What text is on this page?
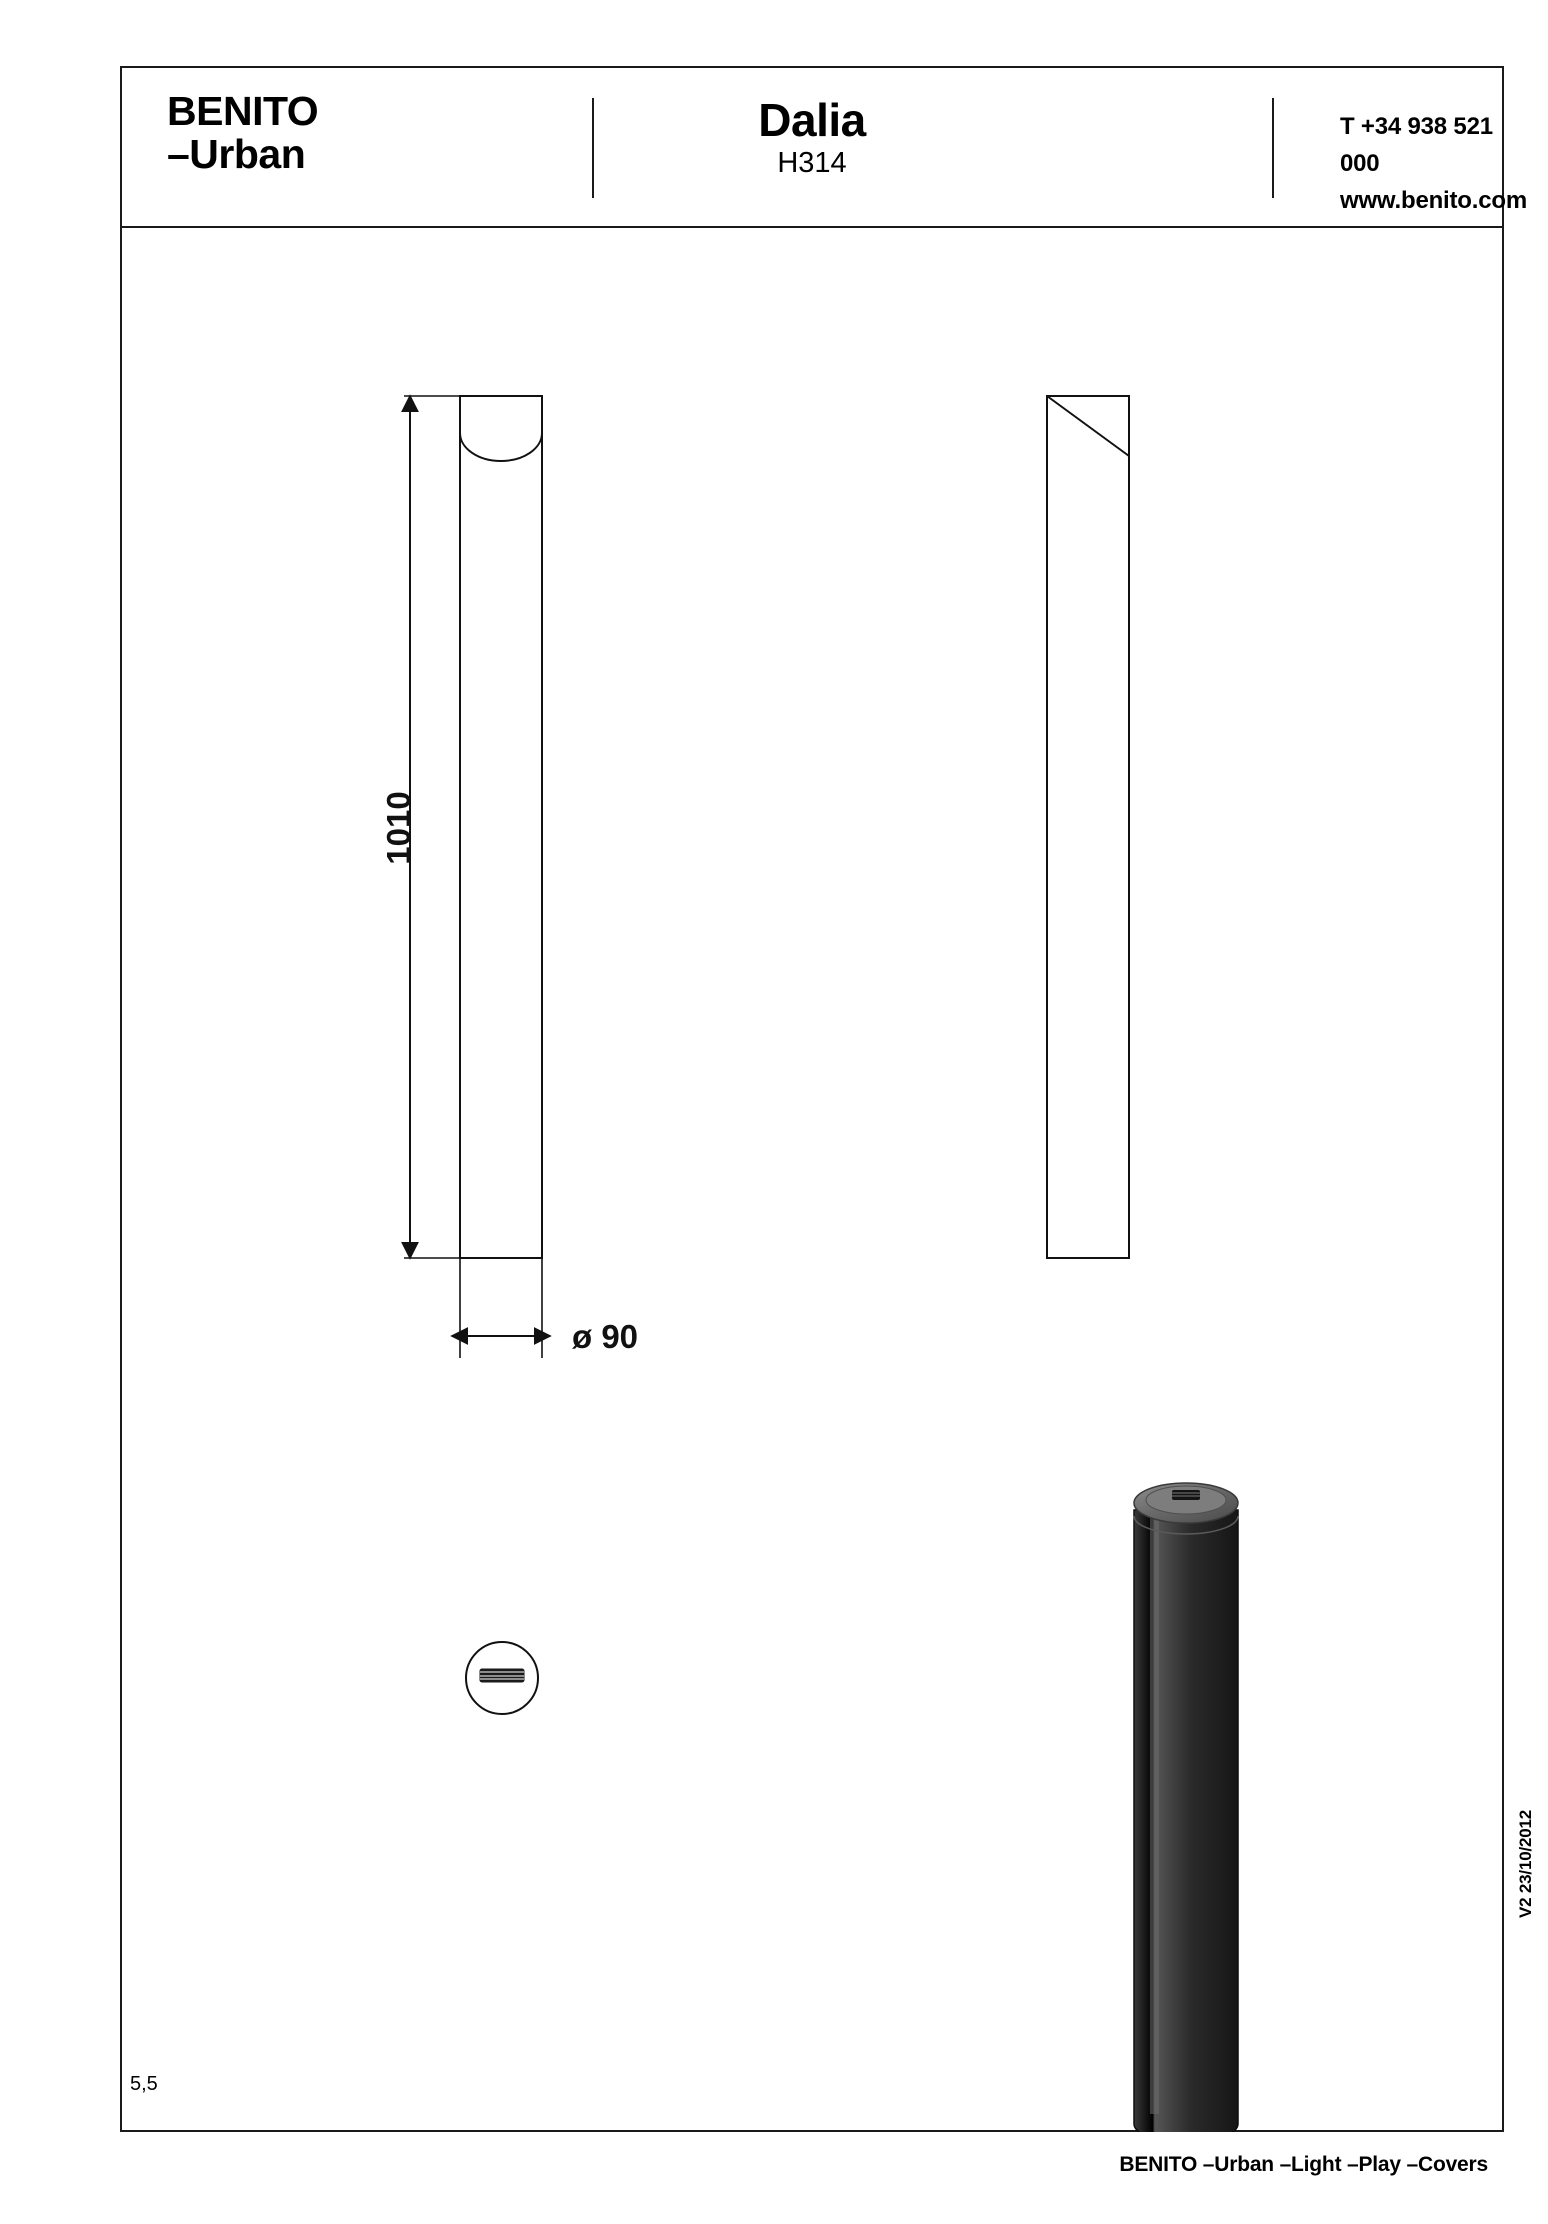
BENITO
–Urban
Dalia
H314
T +34 938 521 000
www.benito.com
1010
ø 90
5,5
BENITO –Urban –Light –Play –Covers
V2 23/10/2012
